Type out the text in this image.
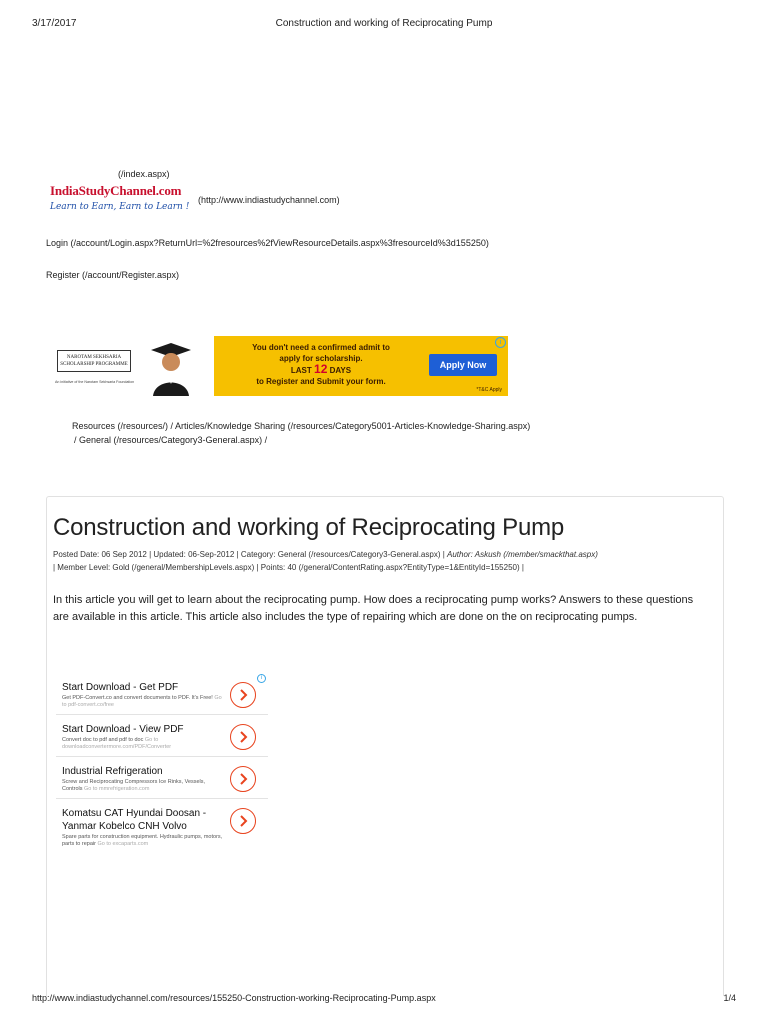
3/17/2017	Construction and working of Reciprocating Pump
(/index.aspx)
IndiaStudyChannel.com
Learn to Earn, Earn to Learn !
(http://www.indiastudychannel.com)
Login (/account/Login.aspx?ReturnUrl=%2fresources%2fViewResourceDetails.aspx%3fresourceId%3d155250)
Register (/account/Register.aspx)
NAROTAM SEKHSARIA
SCHOLARSHIP PROGRAMME
An initiative of the Narotam Sekhsaria Foundation
You don't need a confirmed admit to
apply for scholarship.
LAST 12 DAYS
to Register and Submit your form.
Apply Now
*T&C Apply
i
Resources (/resources/) / Articles/Knowledge Sharing (/resources/Category5001-Articles-Knowledge-Sharing.aspx)
/ General (/resources/Category3-General.aspx) /
Construction and working of Reciprocating Pump
Posted Date: 06 Sep 2012 | Updated: 06-Sep-2012 | Category: General (/resources/Category3-General.aspx) | Author: Askush (/member/smackthat.aspx)
| Member Level: Gold (/general/MembershipLevels.aspx) | Points: 40 (/general/ContentRating.aspx?EntityType=1&EntityId=155250) |

In this article you will get to learn about the reciprocating pump. How does a reciprocating pump works? Answers to these questions are available in this article. This article also includes the type of repairing which are done on the on reciprocating pumps.

i
Start Download - Get PDF
Get PDF-Convert.co and convert documents to PDF. It's Free! Go to pdf-convert.co/free
Start Download - View PDF
Convert doc to pdf and pdf to doc Go to downloadconvertermore.com/PDF/Converter
Industrial Refrigeration
Screw and Reciprocating Compressors Ice Rinks, Vessels, Controls Go to mmrefrigeration.com
Komatsu CAT Hyundai Doosan - Yanmar Kobelco CNH Volvo
Spare parts for construction equipment. Hydraulic pumps, motors, parts to repair Go to excaparts.com
http://www.indiastudychannel.com/resources/155250-Construction-working-Reciprocating-Pump.aspx	1/4
